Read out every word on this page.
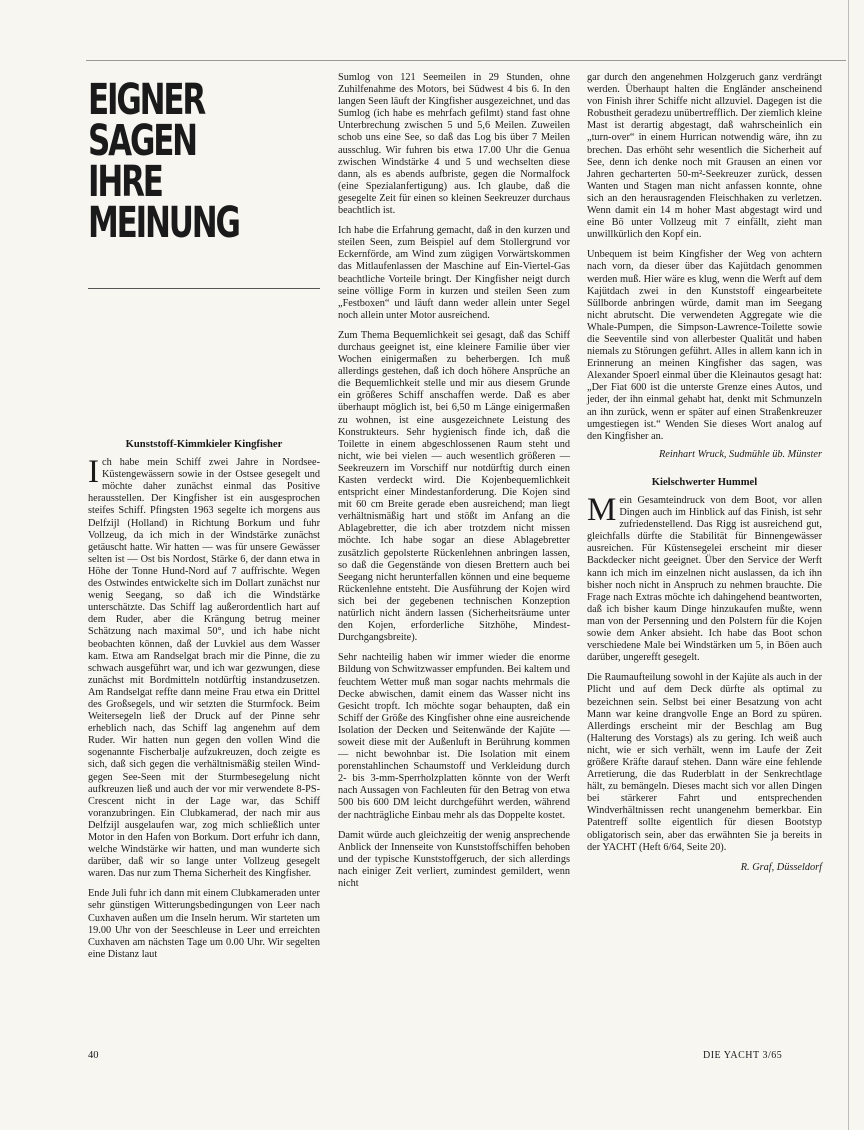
EIGNER
SAGEN
IHRE
MEINUNG
Kunststoff-Kimmkieler Kingfisher

Ich habe mein Schiff zwei Jahre in Nordsee-Küstengewässern sowie in der Ostsee gesegelt und möchte daher zunächst einmal das Positive herausstellen. Der Kingfisher ist ein ausgesprochen steifes Schiff. Pfingsten 1963 segelte ich morgens aus Delfzijl (Holland) in Richtung Borkum und fuhr Vollzeug, da ich mich in der Windstärke zunächst getäuscht hatte. Wir hatten — was für unsere Gewässer selten ist — Ost bis Nordost, Stärke 6, der dann etwa in Höhe der Tonne Hund-Nord auf 7 auffrischte. Wegen des Ostwindes entwickelte sich im Dollart zunächst nur wenig Seegang, so daß ich die Windstärke unterschätzte. Das Schiff lag außerordentlich hart auf dem Ruder, aber die Krängung betrug meiner Schätzung nach maximal 50°, und ich habe nicht beobachten können, daß der Luvkiel aus dem Wasser kam. Etwa am Randselgat brach mir die Pinne, die zu schwach ausgeführt war, und ich war gezwungen, diese zunächst mit Bordmitteln notdürftig instandzusetzen. Am Randselgat reffte dann meine Frau etwa ein Drittel des Großsegels, und wir setzten die Sturmfock. Beim Weitersegeln ließ der Druck auf der Pinne sehr erheblich nach, das Schiff lag angenehm auf dem Ruder. Wir hatten nun gegen den vollen Wind die sogenannte Fischerbalje aufzukreuzen, doch zeigte es sich, daß sich gegen die verhältnismäßig steilen Wind- gegen See-Seen mit der Sturmbesegelung nicht aufkreuzen ließ und auch der vor mir verwendete 8-PS-Crescent nicht in der Lage war, das Schiff voranzubringen. Ein Clubkamerad, der nach mir aus Delfzijl ausgelaufen war, zog mich schließlich unter Motor in den Hafen von Borkum. Dort erfuhr ich dann, welche Windstärke wir hatten, und man wunderte sich darüber, daß wir so lange unter Vollzeug gesegelt waren. Das nur zum Thema Sicherheit des Kingfisher.

Ende Juli fuhr ich dann mit einem Clubkameraden unter sehr günstigen Witterungsbedingungen von Leer nach Cuxhaven außen um die Inseln herum. Wir starteten um 19.00 Uhr von der Seeschleuse in Leer und erreichten Cuxhaven am nächsten Tage um 0.00 Uhr. Wir segelten eine Distanz laut

Sumlog von 121 Seemeilen in 29 Stunden, ohne Zuhilfenahme des Motors, bei Südwest 4 bis 6. In den langen Seen läuft der Kingfisher ausgezeichnet, und das Sumlog (ich habe es mehrfach gefilmt) stand fast ohne Unterbrechung zwischen 5 und 5,6 Meilen. Zuweilen schob uns eine See, so daß das Log bis über 7 Meilen ausschlug. Wir fuhren bis etwa 17.00 Uhr die Genua zwischen Windstärke 4 und 5 und wechselten diese dann, als es abends aufbriste, gegen die Normalfock (eine Spezialanfertigung) aus. Ich glaube, daß die gesegelte Zeit für einen so kleinen Seekreuzer durchaus beachtlich ist.

Ich habe die Erfahrung gemacht, daß in den kurzen und steilen Seen, zum Beispiel auf dem Stollergrund vor Eckernförde, am Wind zum zügigen Vorwärtskommen das Mitlaufenlassen der Maschine auf Ein-Viertel-Gas beachtliche Vorteile bringt. Der Kingfisher neigt durch seine völlige Form in kurzen und steilen Seen zum „Festboxen“ und läuft dann weder allein unter Segel noch allein unter Motor ausreichend.

Zum Thema Bequemlichkeit sei gesagt, daß das Schiff durchaus geeignet ist, eine kleinere Familie über vier Wochen einigermaßen zu beherbergen. Ich muß allerdings gestehen, daß ich doch höhere Ansprüche an die Bequemlichkeit stelle und mir aus diesem Grunde ein größeres Schiff anschaffen werde. Daß es aber überhaupt möglich ist, bei 6,50 m Länge einigermaßen zu wohnen, ist eine ausgezeichnete Leistung des Konstrukteurs. Sehr hygienisch finde ich, daß die Toilette in einem abgeschlossenen Raum steht und nicht, wie bei vielen — auch wesentlich größeren — Seekreuzern im Vorschiff nur notdürftig durch einen Kasten verdeckt wird. Die Kojenbequemlichkeit entspricht einer Mindestanforderung. Die Kojen sind mit 60 cm Breite gerade eben ausreichend; man liegt verhältnismäßig hart und stößt im Anfang an die Ablagebretter, die ich aber trotzdem nicht missen möchte. Ich habe sogar an diese Ablagebretter zusätzlich gepolsterte Rückenlehnen anbringen lassen, so daß die Gegenstände von diesen Brettern auch bei Seegang nicht herunterfallen können und eine bequeme Rückenlehne entsteht. Die Ausführung der Kojen wird sich bei der gegebenen technischen Konzeption natürlich nicht ändern lassen (Sicherheitsräume unter den Kojen, erforderliche Sitzhöhe, Mindest-Durchgangsbreite).

Sehr nachteilig haben wir immer wieder die enorme Bildung von Schwitzwasser empfunden. Bei kaltem und feuchtem Wetter muß man sogar nachts mehrmals die Decke abwischen, damit einem das Wasser nicht ins Gesicht tropft. Ich möchte sogar behaupten, daß ein Schiff der Größe des Kingfisher ohne eine ausreichende Isolation der Decken und Seitenwände der Kajüte — soweit diese mit der Außenluft in Berührung kommen — nicht bewohnbar ist. Die Isolation mit einem porenstahlinchen Schaumstoff und Verkleidung durch 2- bis 3-mm-Sperrholzplatten könnte von der Werft nach Aussagen von Fachleuten für den Betrag von etwa 500 bis 600 DM leicht durchgeführt werden, während der nachträgliche Einbau mehr als das Doppelte kostet.

Damit würde auch gleichzeitig der wenig ansprechende Anblick der Innenseite von Kunststoffschiffen behoben und der typische Kunststoffgeruch, der sich allerdings nach einiger Zeit verliert, zumindest gemildert, wenn nicht

gar durch den angenehmen Holzgeruch ganz verdrängt werden. Überhaupt halten die Engländer anscheinend von Finish ihrer Schiffe nicht allzuviel. Dagegen ist die Robustheit geradezu unübertrefflich. Der ziemlich kleine Mast ist derartig abgestagt, daß wahrscheinlich ein „turn-over“ in einem Hurrican notwendig wäre, ihn zu brechen. Das erhöht sehr wesentlich die Sicherheit auf See, denn ich denke noch mit Grausen an einen vor Jahren gecharterten 50-m²-Seekreuzer zurück, dessen Wanten und Stagen man nicht anfassen konnte, ohne sich an den herausragenden Fleischhaken zu verletzen. Wenn damit ein 14 m hoher Mast abgestagt wird und eine Bö unter Vollzeug mit 7 einfällt, zieht man unwillkürlich den Kopf ein.

Unbequem ist beim Kingfisher der Weg von achtern nach vorn, da dieser über das Kajütdach genommen werden muß. Hier wäre es klug, wenn die Werft auf dem Kajütdach zwei in den Kunststoff eingearbeitete Süllborde anbringen würde, damit man im Seegang nicht abrutscht. Die verwendeten Aggregate wie die Whale-Pumpen, die Simpson-Lawrence-Toilette sowie die Seeventile sind von allerbester Qualität und haben niemals zu Störungen geführt. Alles in allem kann ich in Erinnerung an meinen Kingfisher das sagen, was Alexander Spoerl einmal über die Kleinautos gesagt hat: „Der Fiat 600 ist die unterste Grenze eines Autos, und jeder, der ihn einmal gehabt hat, denkt mit Schmunzeln an ihn zurück, wenn er später auf einen Straßenkreuzer umgestiegen ist.“ Wenden Sie dieses Wort analog auf den Kingfisher an.

Reinhart Wruck, Sudmühle üb. Münster
Kielschwerter Hummel

Mein Gesamteindruck von dem Boot, vor allen Dingen auch im Hinblick auf das Finish, ist sehr zufriedenstellend. Das Rigg ist ausreichend gut, gleichfalls dürfte die Stabilität für Binnengewässer ausreichen. Für Küstensegelei erscheint mir dieser Backdecker nicht geeignet. Über den Service der Werft kann ich mich im einzelnen nicht auslassen, da ich ihn bisher noch nicht in Anspruch zu nehmen brauchte. Die Frage nach Extras möchte ich dahingehend beantworten, daß ich bisher kaum Dinge hinzukaufen mußte, wenn man von der Persenning und den Polstern für die Kojen sowie dem Anker absieht. Ich habe das Boot schon verschiedene Male bei Windstärken um 5, in Böen auch darüber, ungerefft gesegelt.

Die Raumaufteilung sowohl in der Kajüte als auch in der Plicht und auf dem Deck dürfte als optimal zu bezeichnen sein. Selbst bei einer Besatzung von acht Mann war keine drangvolle Enge an Bord zu spüren. Allerdings erscheint mir der Beschlag am Bug (Halterung des Vorstags) als zu gering. Ich weiß auch nicht, wie er sich verhält, wenn im Laufe der Zeit größere Kräfte darauf stehen. Dann wäre eine fehlende Arretierung, die das Ruderblatt in der Senkrechtlage hält, zu bemängeln. Dieses macht sich vor allen Dingen bei stärkerer Fahrt und entsprechenden Windverhältnissen recht unangenehm bemerkbar. Ein Patentreff sollte eigentlich für diesen Bootstyp obligatorisch sein, aber das erwähnten Sie ja bereits in der YACHT (Heft 6/64, Seite 20).

R. Graf, Düsseldorf
40	DIE YACHT 3/65
